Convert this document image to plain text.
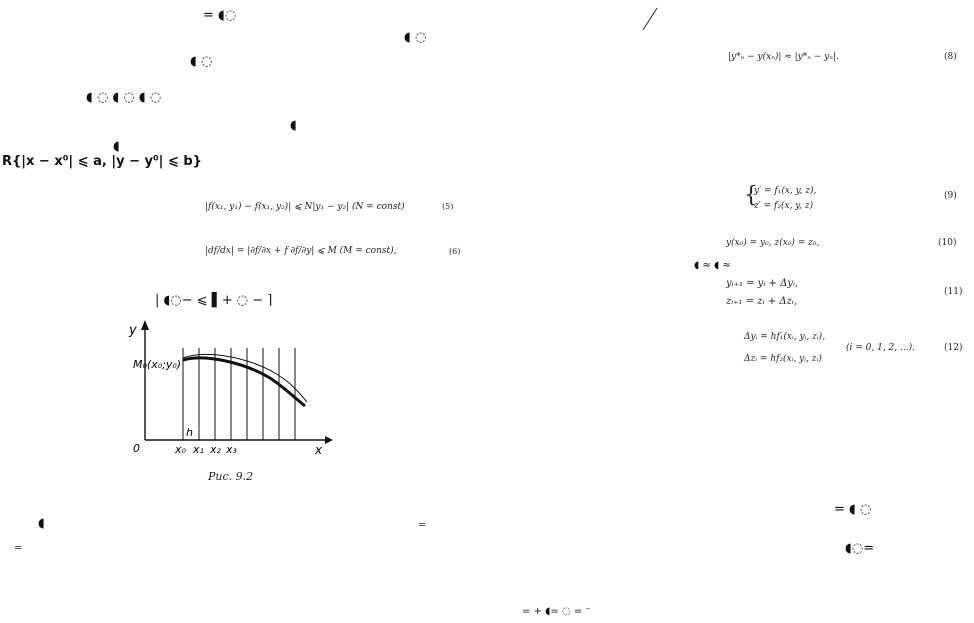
= ◖◌
◖ ◌
◖ ◌
◖ ◌ ◖ ◌ ◖ ◌
◖
◖
R{|x − x⁰| ⩽ a, |y − y⁰| ⩽ b}
|f(x₁, y₁) − f(x₁, y₂)| ⩽ N|y₁ − y₂| (N = const)	(5)
|df/dx| = |∂f/∂x + f ∂f/∂y| ⩽ M (M = const),	(6)
| ◖◌− ⩽ ▌+ ◌ − ⌉
y
x
0
M₀(x₀;y₀)
h
x₀ x₁ x₂ x₃
Рис. 9.2
◖	=
=
|y*ₙ − y(xₙ)| ≈ |y*ₙ − yₙ|.	(8)
{
y′ = f₁(x, y, z),
z′ = f₂(x, y, z)
(9)
y(x₀) = y₀, z(x₀) = z₀,	(10)
◖ ≈ ◖ ≈
yᵢ₊₁ = yᵢ + Δyᵢ,
zᵢ₊₁ = zᵢ + Δzᵢ,
(11)
Δyᵢ = hf₁(xᵢ, yᵢ, zᵢ),
Δzᵢ = hf₂(xᵢ, yᵢ, zᵢ)
(i = 0, 1, 2, ...).	(12)
= ◖ ◌
◖◌=
= + ◖= ◌ = ⁻
